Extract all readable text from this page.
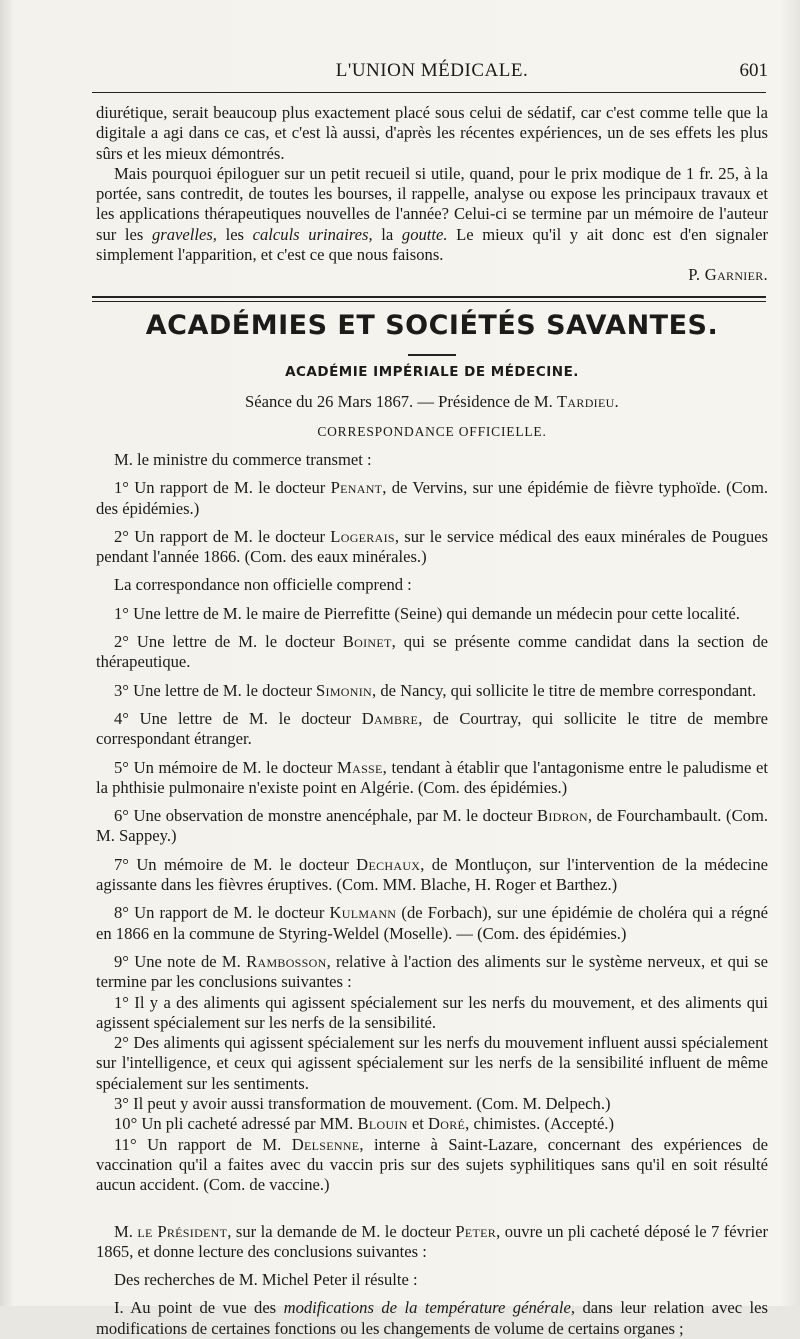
L'UNION MÉDICALE.	601

diurétique, serait beaucoup plus exactement placé sous celui de sédatif, car c'est comme telle que la digitale a agi dans ce cas, et c'est là aussi, d'après les récentes expériences, un de ses effets les plus sûrs et les mieux démontrés.

Mais pourquoi épiloguer sur un petit recueil si utile, quand, pour le prix modique de 1 fr. 25, à la portée, sans contredit, de toutes les bourses, il rappelle, analyse ou expose les principaux travaux et les applications thérapeutiques nouvelles de l'année? Celui-ci se termine par un mémoire de l'auteur sur les gravelles, les calculs urinaires, la goutte. Le mieux qu'il y ait donc est d'en signaler simplement l'apparition, et c'est ce que nous faisons.

P. Garnier.

ACADÉMIES ET SOCIÉTÉS SAVANTES.
ACADÉMIE IMPÉRIALE DE MÉDECINE.
Séance du 26 Mars 1867. — Présidence de M. Tardieu.
CORRESPONDANCE OFFICIELLE.

M. le ministre du commerce transmet :

1° Un rapport de M. le docteur Penant, de Vervins, sur une épidémie de fièvre typhoïde. (Com. des épidémies.)

2° Un rapport de M. le docteur Logerais, sur le service médical des eaux minérales de Pougues pendant l'année 1866. (Com. des eaux minérales.)

La correspondance non officielle comprend :

1° Une lettre de M. le maire de Pierrefitte (Seine) qui demande un médecin pour cette localité.

2° Une lettre de M. le docteur Boinet, qui se présente comme candidat dans la section de thérapeutique.

3° Une lettre de M. le docteur Simonin, de Nancy, qui sollicite le titre de membre correspondant.

4° Une lettre de M. le docteur Dambre, de Courtray, qui sollicite le titre de membre correspondant étranger.

5° Un mémoire de M. le docteur Masse, tendant à établir que l'antagonisme entre le paludisme et la phthisie pulmonaire n'existe point en Algérie. (Com. des épidémies.)

6° Une observation de monstre anencéphale, par M. le docteur Bidron, de Fourchambault. (Com. M. Sappey.)

7° Un mémoire de M. le docteur Dechaux, de Montluçon, sur l'intervention de la médecine agissante dans les fièvres éruptives. (Com. MM. Blache, H. Roger et Barthez.)

8° Un rapport de M. le docteur Kulmann (de Forbach), sur une épidémie de choléra qui a régné en 1866 en la commune de Styring-Weldel (Moselle). — (Com. des épidémies.)

9° Une note de M. Rambosson, relative à l'action des aliments sur le système nerveux, et qui se termine par les conclusions suivantes :

1° Il y a des aliments qui agissent spécialement sur les nerfs du mouvement, et des aliments qui agissent spécialement sur les nerfs de la sensibilité.

2° Des aliments qui agissent spécialement sur les nerfs du mouvement influent aussi spécialement sur l'intelligence, et ceux qui agissent spécialement sur les nerfs de la sensibilité influent de même spécialement sur les sentiments.

3° Il peut y avoir aussi transformation de mouvement. (Com. M. Delpech.)

10° Un pli cacheté adressé par MM. Blouin et Doré, chimistes. (Accepté.)

11° Un rapport de M. Delsenne, interne à Saint-Lazare, concernant des expériences de vaccination qu'il a faites avec du vaccin pris sur des sujets syphilitiques sans qu'il en soit résulté aucun accident. (Com. de vaccine.)

M. le Président, sur la demande de M. le docteur Peter, ouvre un pli cacheté déposé le 7 février 1865, et donne lecture des conclusions suivantes :

Des recherches de M. Michel Peter il résulte :

I. Au point de vue des modifications de la température générale, dans leur relation avec les modifications de certaines fonctions ou les changements de volume de certains organes ;
